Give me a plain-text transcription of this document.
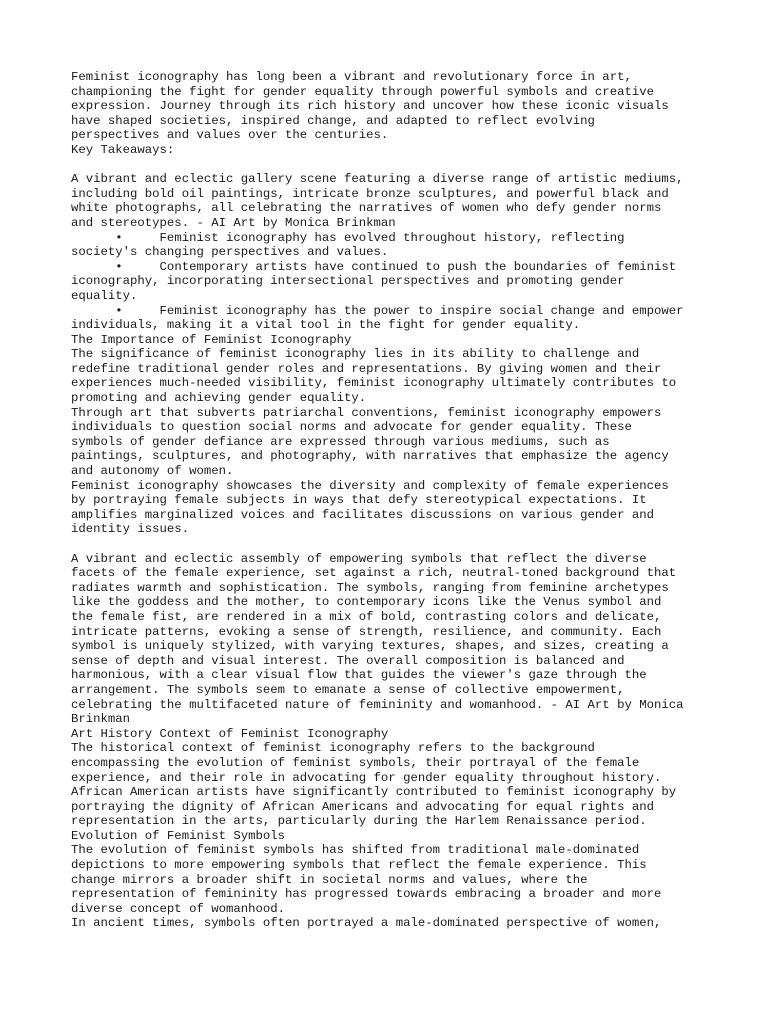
Feminist iconography has long been a vibrant and revolutionary force in art,
championing the fight for gender equality through powerful symbols and creative
expression. Journey through its rich history and uncover how these iconic visuals
have shaped societies, inspired change, and adapted to reflect evolving
perspectives and values over the centuries.

Key Takeaways:

A vibrant and eclectic gallery scene featuring a diverse range of artistic mediums,
including bold oil paintings, intricate bronze sculptures, and powerful black and
white photographs, all celebrating the narratives of women who defy gender norms
and stereotypes. - AI Art by Monica Brinkman

•     Feminist iconography has evolved throughout history, reflecting
society's changing perspectives and values.

•     Contemporary artists have continued to push the boundaries of feminist
iconography, incorporating intersectional perspectives and promoting gender
equality.

•     Feminist iconography has the power to inspire social change and empower
individuals, making it a vital tool in the fight for gender equality.

The Importance of Feminist Iconography

The significance of feminist iconography lies in its ability to challenge and
redefine traditional gender roles and representations. By giving women and their
experiences much-needed visibility, feminist iconography ultimately contributes to
promoting and achieving gender equality.

Through art that subverts patriarchal conventions, feminist iconography empowers
individuals to question social norms and advocate for gender equality. These
symbols of gender defiance are expressed through various mediums, such as
paintings, sculptures, and photography, with narratives that emphasize the agency
and autonomy of women.

Feminist iconography showcases the diversity and complexity of female experiences
by portraying female subjects in ways that defy stereotypical expectations. It
amplifies marginalized voices and facilitates discussions on various gender and
identity issues.

A vibrant and eclectic assembly of empowering symbols that reflect the diverse
facets of the female experience, set against a rich, neutral-toned background that
radiates warmth and sophistication. The symbols, ranging from feminine archetypes
like the goddess and the mother, to contemporary icons like the Venus symbol and
the female fist, are rendered in a mix of bold, contrasting colors and delicate,
intricate patterns, evoking a sense of strength, resilience, and community. Each
symbol is uniquely stylized, with varying textures, shapes, and sizes, creating a
sense of depth and visual interest. The overall composition is balanced and
harmonious, with a clear visual flow that guides the viewer's gaze through the
arrangement. The symbols seem to emanate a sense of collective empowerment,
celebrating the multifaceted nature of femininity and womanhood. - AI Art by Monica
Brinkman

Art History Context of Feminist Iconography

The historical context of feminist iconography refers to the background
encompassing the evolution of feminist symbols, their portrayal of the female
experience, and their role in advocating for gender equality throughout history.

African American artists have significantly contributed to feminist iconography by
portraying the dignity of African Americans and advocating for equal rights and
representation in the arts, particularly during the Harlem Renaissance period.

Evolution of Feminist Symbols

The evolution of feminist symbols has shifted from traditional male-dominated
depictions to more empowering symbols that reflect the female experience. This
change mirrors a broader shift in societal norms and values, where the
representation of femininity has progressed towards embracing a broader and more
diverse concept of womanhood.

In ancient times, symbols often portrayed a male-dominated perspective of women,
